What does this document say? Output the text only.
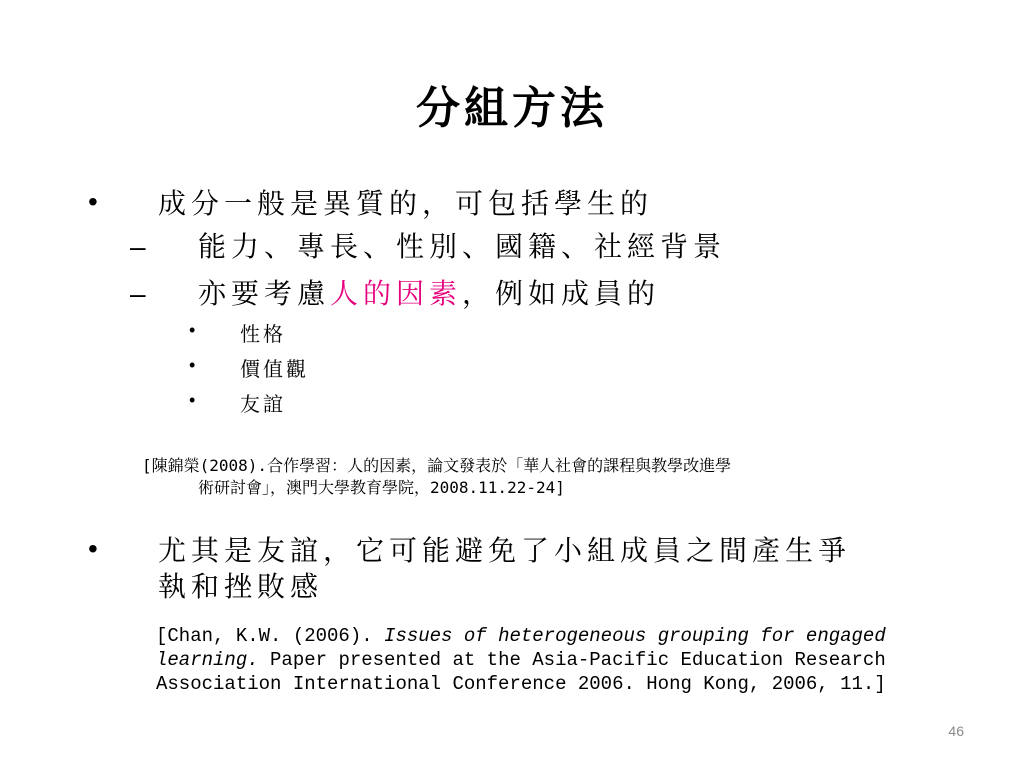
分組方法
• 成分一般是異質的，可包括學生的
– 能力、專長、性別、國籍、社經背景
– 亦要考慮人的因素，例如成員的
• 性格
• 價值觀
• 友誼
[陳錦榮(2008).合作學習：人的因素，論文發表於「華人社會的課程與教學改進學
術研討會」，澳門大學教育學院，2008.11.22-24]
• 尤其是友誼，它可能避免了小組成員之間產生爭
執和挫敗感
[Chan, K.W. (2006). Issues of heterogeneous grouping for engaged learning. Paper presented at the Asia‑Pacific Education Research Association International Conference 2006. Hong Kong, 2006, 11.]
46
